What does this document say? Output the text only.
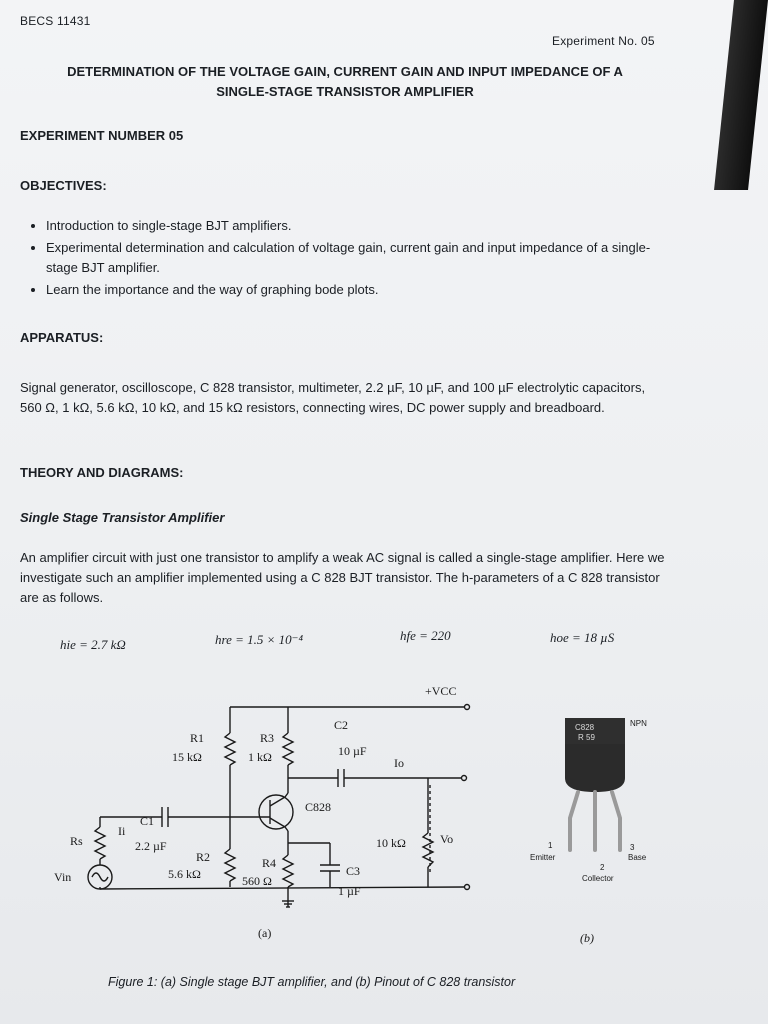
BECS 11431
Experiment No. 05
DETERMINATION OF THE VOLTAGE GAIN, CURRENT GAIN AND INPUT IMPEDANCE OF A
SINGLE-STAGE TRANSISTOR AMPLIFIER
EXPERIMENT NUMBER 05
OBJECTIVES:
• Introduction to single-stage BJT amplifiers.
• Experimental determination and calculation of voltage gain, current gain and input impedance of a single-stage BJT amplifier.
• Learn the importance and the way of graphing bode plots.
APPARATUS:
Signal generator, oscilloscope, C 828 transistor, multimeter, 2.2 µF, 10 µF, and 100 µF electrolytic capacitors, 560 Ω, 1 kΩ, 5.6 kΩ, 10 kΩ, and 15 kΩ resistors, connecting wires, DC power supply and breadboard.
THEORY AND DIAGRAMS:
Single Stage Transistor Amplifier
An amplifier circuit with just one transistor to amplify a weak AC signal is called a single-stage amplifier. Here we investigate such an amplifier implemented using a C 828 BJT transistor. The h-parameters of a C 828 transistor are as follows.
hie = 2.7 kΩ	hre = 1.5 × 10⁻⁴	hfe = 220	hoe = 18 µS
+VCC
R1
15 kΩ
R3
1 kΩ
C2
10 µF
Io
C828
Ii
C1
2.2 µF
Rs
Vin
R2
5.6 kΩ
R4
560 Ω
C3
1 µF
10 kΩ	Vo
(a)
C828
R 59
NPN
1
Emitter
2
Collector
3
Base
(b)
Figure 1: (a) Single stage BJT amplifier, and (b) Pinout of C 828 transistor
